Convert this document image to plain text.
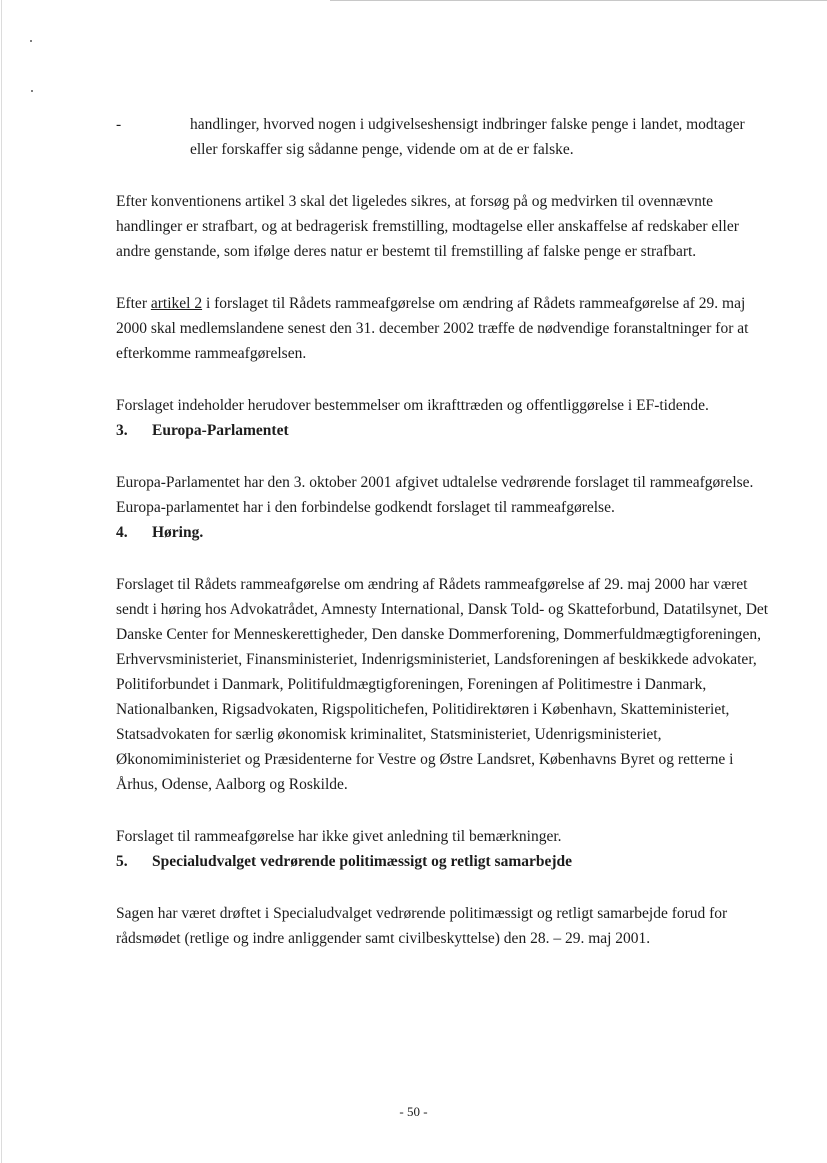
-	handlinger, hvorved nogen i udgivelseshensigt indbringer falske penge i landet, modtager eller forskaffer sig sådanne penge, vidende om at de er falske.

Efter konventionens artikel 3 skal det ligeledes sikres, at forsøg på og medvirken til ovennævnte handlinger er strafbart, og at bedragerisk fremstilling, modtagelse eller anskaffelse af redskaber eller andre genstande, som ifølge deres natur er bestemt til fremstilling af falske penge er strafbart.

Efter artikel 2 i forslaget til Rådets rammeafgørelse om ændring af Rådets rammeafgørelse af 29. maj 2000 skal medlemslandene senest den 31. december 2002 træffe de nødvendige foranstaltninger for at efterkomme rammeafgørelsen.

Forslaget indeholder herudover bestemmelser om ikrafttræden og offentliggørelse i EF-tidende.

3.	Europa-Parlamentet

Europa-Parlamentet har den 3. oktober 2001 afgivet udtalelse vedrørende forslaget til rammeafgørelse. Europa-parlamentet har i den forbindelse godkendt forslaget til rammeafgørelse.

4.	Høring.

Forslaget til Rådets rammeafgørelse om ændring af Rådets rammeafgørelse af 29. maj 2000 har været sendt i høring hos Advokatrådet, Amnesty International, Dansk Told- og Skatteforbund, Datatilsynet, Det Danske Center for Menneskerettigheder, Den danske Dommerforening, Dommerfuldmægtigforeningen, Erhvervsministeriet, Finansministeriet, Indenrigsministeriet, Landsforeningen af beskikkede advokater, Politiforbundet i Danmark, Politifuldmægtigforeningen, Foreningen af Politimestre i Danmark, Nationalbanken, Rigsadvokaten, Rigspolitichefen, Politidirektøren i København, Skatteministeriet, Statsadvokaten for særlig økonomisk kriminalitet, Statsministeriet, Udenrigsministeriet, Økonomiministeriet og Præsidenterne for Vestre og Østre Landsret, Københavns Byret og retterne i Århus, Odense, Aalborg og Roskilde.

Forslaget til rammeafgørelse har ikke givet anledning til bemærkninger.

5.	Specialudvalget vedrørende politimæssigt og retligt samarbejde

Sagen har været drøftet i Specialudvalget vedrørende politimæssigt og retligt samarbejde forud for rådsmødet (retlige og indre anliggender samt civilbeskyttelse) den 28. – 29. maj 2001.

- 50 -
